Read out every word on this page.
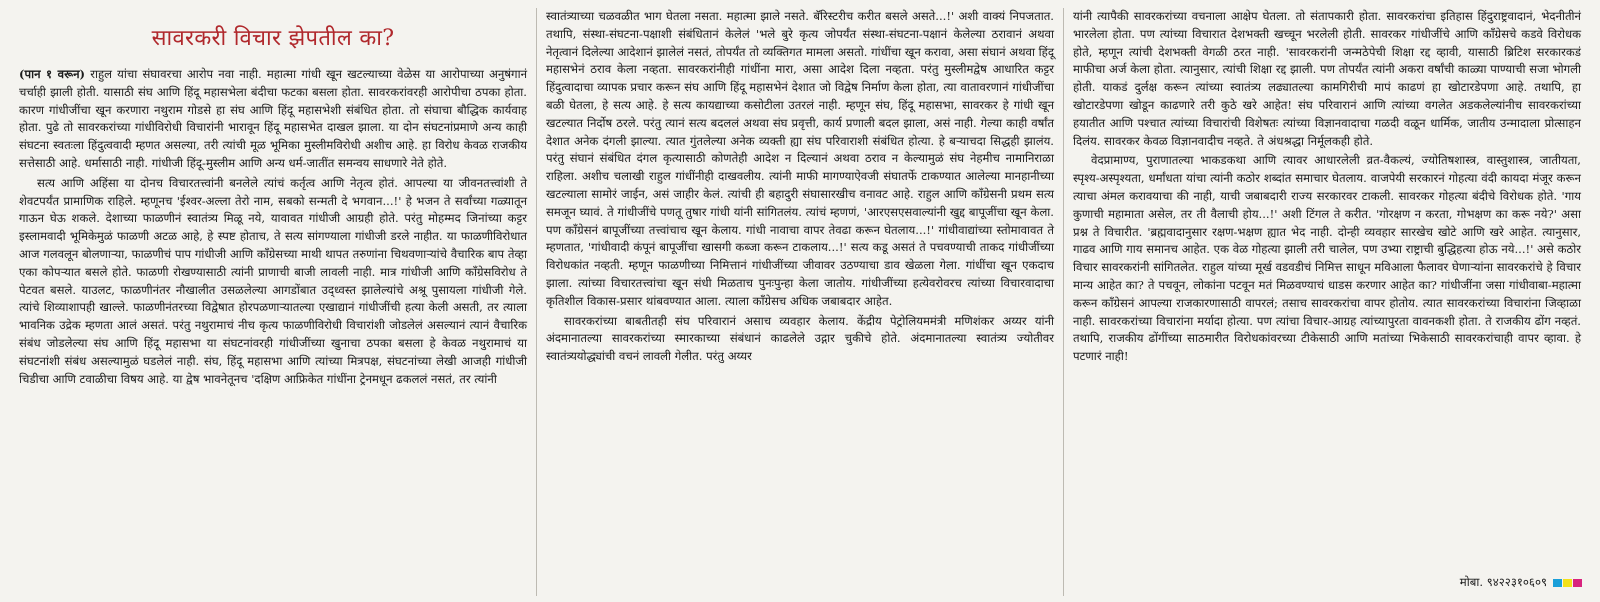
सावरकरी विचार झेपतील का?

(पान १ वरून) राहुल यांचा संघावरचा आरोप नवा नाही. महात्मा गांधी खून खटल्याच्या वेळेस या आरोपाच्या अनुषंगानं चर्चाही झाली होती. यासाठी संघ आणि हिंदू महासभेला बंदीचा फटका बसला होता. सावरकरांवरही आरोपीचा ठपका होता. कारण गांधीजींचा खून करणारा नथुराम गोडसे हा संघ आणि हिंदू महासभेशी संबंधित होता. तो संघाचा बौद्धिक कार्यवाह होता. पुढे तो सावरकरांच्या गांधीविरोधी विचारांनी भारावून हिंदू महासभेत दाखल झाला. या दोन संघटनांप्रमाणे अन्य काही संघटना स्वतःला हिंदुत्ववादी म्हणत असल्या, तरी त्यांची मूळ भूमिका मुस्लीमविरोधी अशीच आहे. हा विरोध केवळ राजकीय सत्तेसाठी आहे. धर्मासाठी नाही. गांधीजी हिंदू-मुस्लीम आणि अन्य धर्म-जातींत समन्वय साधणारे नेते होते.

सत्य आणि अहिंसा या दोनच विचारतत्त्वांनी बनलेले त्यांचं कर्तृत्व आणि नेतृत्व होतं. आपल्या या जीवनतत्त्वांशी ते शेवटपर्यंत प्रामाणिक राहिले. म्हणूनच 'ईश्वर-अल्ला तेरो नाम, सबको सन्मती दे भगवान...!' हे भजन ते सर्वांच्या गळ्यातून गाऊन घेऊ शकले. देशाच्या फाळणीनं स्वातंत्र्य मिळू नये, यावावत गांधीजी आग्रही होते. परंतु मोहम्मद जिनांच्या कट्टर इस्लामवादी भूमिकेमुळं फाळणी अटळ आहे, हे स्पष्ट होताच, ते सत्य सांगण्याला गांधीजी डरले नाहीत. या फाळणीविरोधात आज गलवलून बोलणाऱ्या, फाळणीचं पाप गांधीजी आणि काँग्रेसच्या माथी थापत तरुणांना चिथवणाऱ्यांचे वैचारिक बाप तेव्हा एका कोपऱ्यात बसले होते. फाळणी रोखण्यासाठी त्यांनी प्राणाची बाजी लावली नाही. मात्र गांधीजी आणि काँग्रेसविरोध ते पेटवत बसले. याउलट, फाळणीनंतर नौखालीत उसळलेल्या आगडोंबात उद्ध्वस्त झालेल्यांचे अश्रू पुसायला गांधीजी गेले. त्यांचे शिव्याशापही खाल्ले. फाळणीनंतरच्या विद्वेषात होरपळणाऱ्यातल्या एखाद्यानं गांधीजींची हत्या केली असती, तर त्याला भावनिक उद्रेक म्हणता आलं असतं. परंतु नथुरामाचं नीच कृत्य फाळणीविरोधी विचारांशी जोडलेलं असल्यानं त्यानं वैचारिक संबंध जोडलेल्या संघ आणि हिंदू महासभा या संघटनांवरही गांधीजींच्या खुनाचा ठपका बसला हे केवळ नथुरामाचं या संघटनांशी संबंध असल्यामुळं घडलेलं नाही. संघ, हिंदू महासभा आणि त्यांच्या मित्रपक्ष, संघटनांच्या लेखी आजही गांधीजी चिडीचा आणि टवाळीचा विषय आहे. या द्वेष भावनेतूनच 'दक्षिण आफ्रिकेत गांधींना ट्रेनमधून ढकललं नसतं, तर त्यांनी

स्वातंत्र्याच्या चळवळीत भाग घेतला नसता. महात्मा झाले नसते. बॅरिस्टरीच करीत बसले असते...!' अशी वाक्यं निपजतात. तथापि, संस्था-संघटना-पक्षाशी संबंधितानं केलेलं 'भले बुरे कृत्य जोपर्यंत संस्था-संघटना-पक्षानं केलेल्या ठरावानं अथवा नेतृत्वानं दिलेल्या आदेशानं झालेलं नसतं, तोपर्यंत तो व्यक्तिगत मामला असतो. गांधींचा खून करावा, असा संघानं अथवा हिंदू महासभेनं ठराव केला नव्हता. सावरकरांनीही गांधींना मारा, असा आदेश दिला नव्हता. परंतु मुस्लीमद्वेष आधारित कट्टर हिंदुत्वादाचा व्यापक प्रचार करून संघ आणि हिंदू महासभेनं देशात जो विद्वेष निर्माण केला होता, त्या वातावरणानं गांधीजींचा बळी घेतला, हे सत्य आहे. हे सत्य कायद्याच्या कसोटीला उतरलं नाही. म्हणून संघ, हिंदू महासभा, सावरकर हे गांधी खून खटल्यात निर्दोष ठरले. परंतु त्यानं सत्य बदललं अथवा संघ प्रवृत्ती, कार्य प्रणाली बदल झाला, असं नाही. गेल्या काही वर्षांत देशात अनेक दंगली झाल्या. त्यात गुंतलेल्या अनेक व्यक्ती ह्या संघ परिवाराशी संबंधित होत्या. हे बऱ्याचदा सिद्धही झालंय. परंतु संघानं संबंधित दंगल कृत्यासाठी कोणतेही आदेश न दिल्यानं अथवा ठराव न केल्यामुळं संघ नेहमीच नामानिराळा राहिला. अशीच चलाखी राहुल गांधींनीही दाखवलीय. त्यांनी माफी मागण्याऐवजी संघातर्फे टाकण्यात आलेल्या मानहानीच्या खटल्याला सामोरं जाईन, असं जाहीर केलं. त्यांची ही बहादुरी संघासारखीच वनावट आहे. राहुल आणि काँग्रेसनी प्रथम सत्य समजून घ्यावं. ते गांधीजींचे पणतू तुषार गांधी यांनी सांगितलंय. त्यांचं म्हणणं, 'आरएसएसवाल्यांनी खुद्द बापूजींचा खून केला. पण काँग्रेसनं बापूजींच्या तत्त्वांचाच खून केलाय. गांधी नावाचा वापर तेवढा करून घेतलाय...!' गांधीवाद्यांच्या स्तोमावावत ते म्हणतात, 'गांधीवादी कंपूनं बापूजींचा खासगी कब्जा करून टाकलाय...!' सत्य कडू असतं ते पचवण्याची ताकद गांधीजींच्या विरोधकांत नव्हती. म्हणून फाळणीच्या निमित्तानं गांधीजींच्या जीवावर उठण्याचा डाव खेळला गेला. गांधींचा खून एकदाच झाला. त्यांच्या विचारतत्त्वांचा खून संधी मिळताच पुनःपुन्हा केला जातोय. गांधीजींच्या हत्येवरोवरच त्यांच्या विचारवादाचा कृतिशील विकास-प्रसार थांबवण्यात आला. त्याला काँग्रेसच अधिक जबाबदार आहेत.

सावरकरांच्या बाबतीतही संघ परिवारानं असाच व्यवहार केलाय. केंद्रीय पेट्रोलियममंत्री मणिशंकर अय्यर यांनी अंदमानातल्या सावरकरांच्या स्मारकाच्या संबंधानं काढलेले उद्गार चुकीचे होते. अंदमानातल्या स्वातंत्र्य ज्योतीवर स्वातंत्र्ययोद्ध्यांची वचनं लावली गेलीत. परंतु अय्यर

यांनी त्यापैकी सावरकरांच्या वचनाला आक्षेप घेतला. तो संतापकारी होता. सावरकरांचा इतिहास हिंदुराष्ट्रवादानं, भेदनीतीनं भारलेला होता. पण त्यांच्या विचारात देशभक्ती खच्चून भरलेली होती. सावरकर गांधीजींचे आणि काँग्रेसचे कडवे विरोधक होते, म्हणून त्यांची देशभक्ती वेगळी ठरत नाही. 'सावरकरांनी जन्मठेपेची शिक्षा रद्द व्हावी, यासाठी ब्रिटिश सरकारकडं माफीचा अर्ज केला होता. त्यानुसार, त्यांची शिक्षा रद्द झाली. पण तोपर्यंत त्यांनी अकरा वर्षांची काळ्या पाण्याची सजा भोगली होती. याकडं दुर्लक्ष करून त्यांच्या स्वातंत्र्य लढ्यातल्या कामगिरीची मापं काढणं हा खोटारडेपणा आहे. तथापि, हा खोटारडेपणा खोडून काढणारे तरी कुठे खरे आहेत! संघ परिवारानं आणि त्यांच्या वगलेत अडकलेल्यांनीच सावरकरांच्या हयातीत आणि पश्चात त्यांच्या विचारांची विशेषतः त्यांच्या विज्ञानवादाचा गळदी वळून धार्मिक, जातीय उन्मादाला प्रोत्साहन दिलंय. सावरकर केवळ विज्ञानवादीच नव्हते. ते अंधश्रद्धा निर्मूलकही होते.

वेदप्रामाण्य, पुराणातल्या भाकडकथा आणि त्यावर आधारलेली व्रत-वैकल्यं, ज्योतिषशास्त्र, वास्तुशास्त्र, जातीयता, स्पृश्य-अस्पृश्यता, धर्मांधता यांचा त्यांनी कठोर शब्दांत समाचार घेतलाय. वाजपेयी सरकारनं गोहत्या वंदी कायदा मंजूर करून त्याचा अंमल करावयाचा की नाही, याची जबाबदारी राज्य सरकारवर टाकली. सावरकर गोहत्या बंदीचे विरोधक होते. 'गाय कुणाची महामाता असेल, तर ती वैलाची होय...!' अशी टिंगल ते करीत. 'गोरक्षण न करता, गोभक्षण का करू नये?' असा प्रश्न ते विचारीत. 'ब्रह्मवादानुसार रक्षण-भक्षण ह्यात भेद नाही. दोन्ही व्यवहार सारखेच खोटे आणि खरे आहेत. त्यानुसार, गाढव आणि गाय समानच आहेत. एक वेळ गोहत्या झाली तरी चालेल, पण उभ्या राष्ट्राची बुद्धिहत्या होऊ नये...!' असे कठोर विचार सावरकरांनी सांगितलेत. राहुल यांच्या मूर्ख वडवडीचं निमित्त साधून मविआला फैलावर घेणाऱ्यांना सावरकरांचे हे विचार मान्य आहेत का? ते पचवून, लोकांना पटवून मतं मिळवण्याचं धाडस करणार आहेत का? गांधीजींना जसा गांधीवाबा-महात्मा करून काँग्रेसनं आपल्या राजकारणासाठी वापरलं; तसाच सावरकरांचा वापर होतोय. त्यात सावरकरांच्या विचारांना जिव्हाळा नाही. सावरकरांच्या विचारांना मर्यादा होत्या. पण त्यांचा विचार-आग्रह त्यांच्यापुरता वावनकशी होता. ते राजकीय ढोंग नव्हतं. तथापि, राजकीय ढोंगींच्या साठमारीत विरोधकांवरच्या टीकेसाठी आणि मतांच्या भिकेसाठी सावरकरांचाही वापर व्हावा. हे पटणारं नाही!

मोबा. ९४२२३१०६०९
